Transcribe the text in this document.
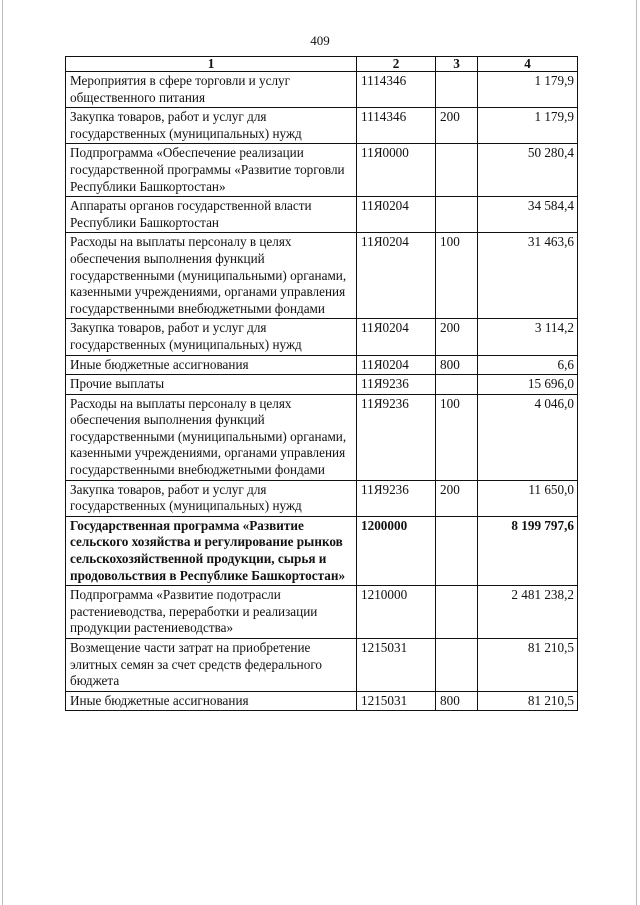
409
1	2	3	4
Мероприятия в сфере торговли и услуг общественного питания	1114346		1 179,9
Закупка товаров, работ и услуг для государственных (муниципальных) нужд	1114346	200	1 179,9
Подпрограмма «Обеспечение реализации государственной программы «Развитие торговли Республики Башкортостан»	11Я0000		50 280,4
Аппараты органов государственной власти Республики Башкортостан	11Я0204		34 584,4
Расходы на выплаты персоналу в целях обеспечения выполнения функций государственными (муниципальными) органами, казенными учреждениями, органами управления государственными внебюджетными фондами	11Я0204	100	31 463,6
Закупка товаров, работ и услуг для государственных (муниципальных) нужд	11Я0204	200	3 114,2
Иные бюджетные ассигнования	11Я0204	800	6,6
Прочие выплаты	11Я9236		15 696,0
Расходы на выплаты персоналу в целях обеспечения выполнения функций государственными (муниципальными) органами, казенными учреждениями, органами управления государственными внебюджетными фондами	11Я9236	100	4 046,0
Закупка товаров, работ и услуг для государственных (муниципальных) нужд	11Я9236	200	11 650,0
Государственная программа «Развитие сельского хозяйства и регулирование рынков сельскохозяйственной продукции, сырья и продовольствия в Республике Башкортостан»	1200000		8 199 797,6
Подпрограмма «Развитие подотрасли растениеводства, переработки и реализации продукции растениеводства»	1210000		2 481 238,2
Возмещение части затрат на приобретение элитных семян за счет средств федерального бюджета	1215031		81 210,5
Иные бюджетные ассигнования	1215031	800	81 210,5
